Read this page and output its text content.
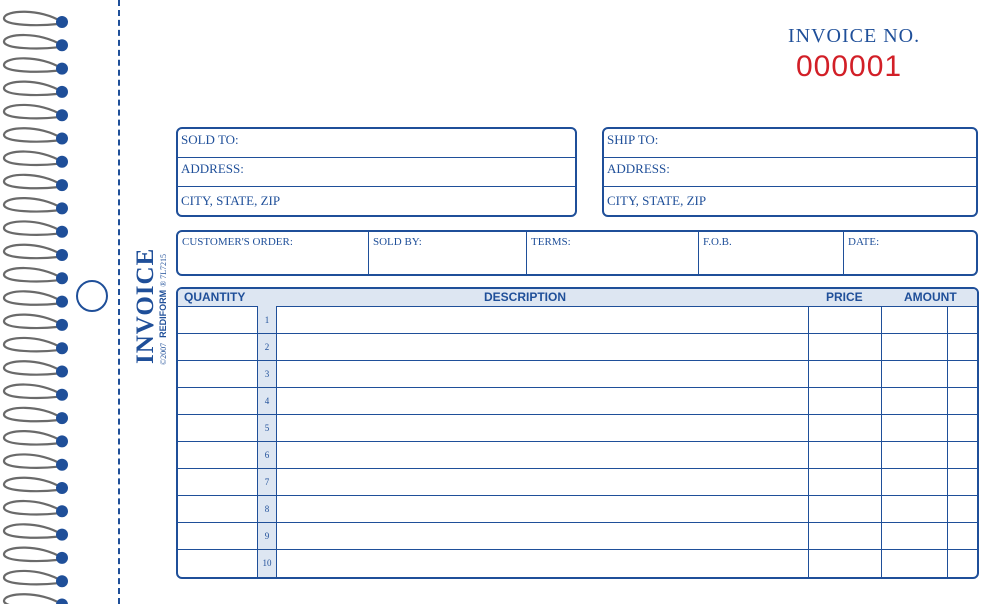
INVOICE ©2007 REDIFORM® 7L7215
INVOICE NO.
000001
SOLD TO:
ADDRESS:
CITY, STATE, ZIP
SHIP TO:
ADDRESS:
CITY, STATE, ZIP
CUSTOMER'S ORDER:	SOLD BY:	TERMS:	F.O.B.	DATE:
QUANTITY	DESCRIPTION	PRICE	AMOUNT
1
2
3
4
5
6
7
8
9
10
